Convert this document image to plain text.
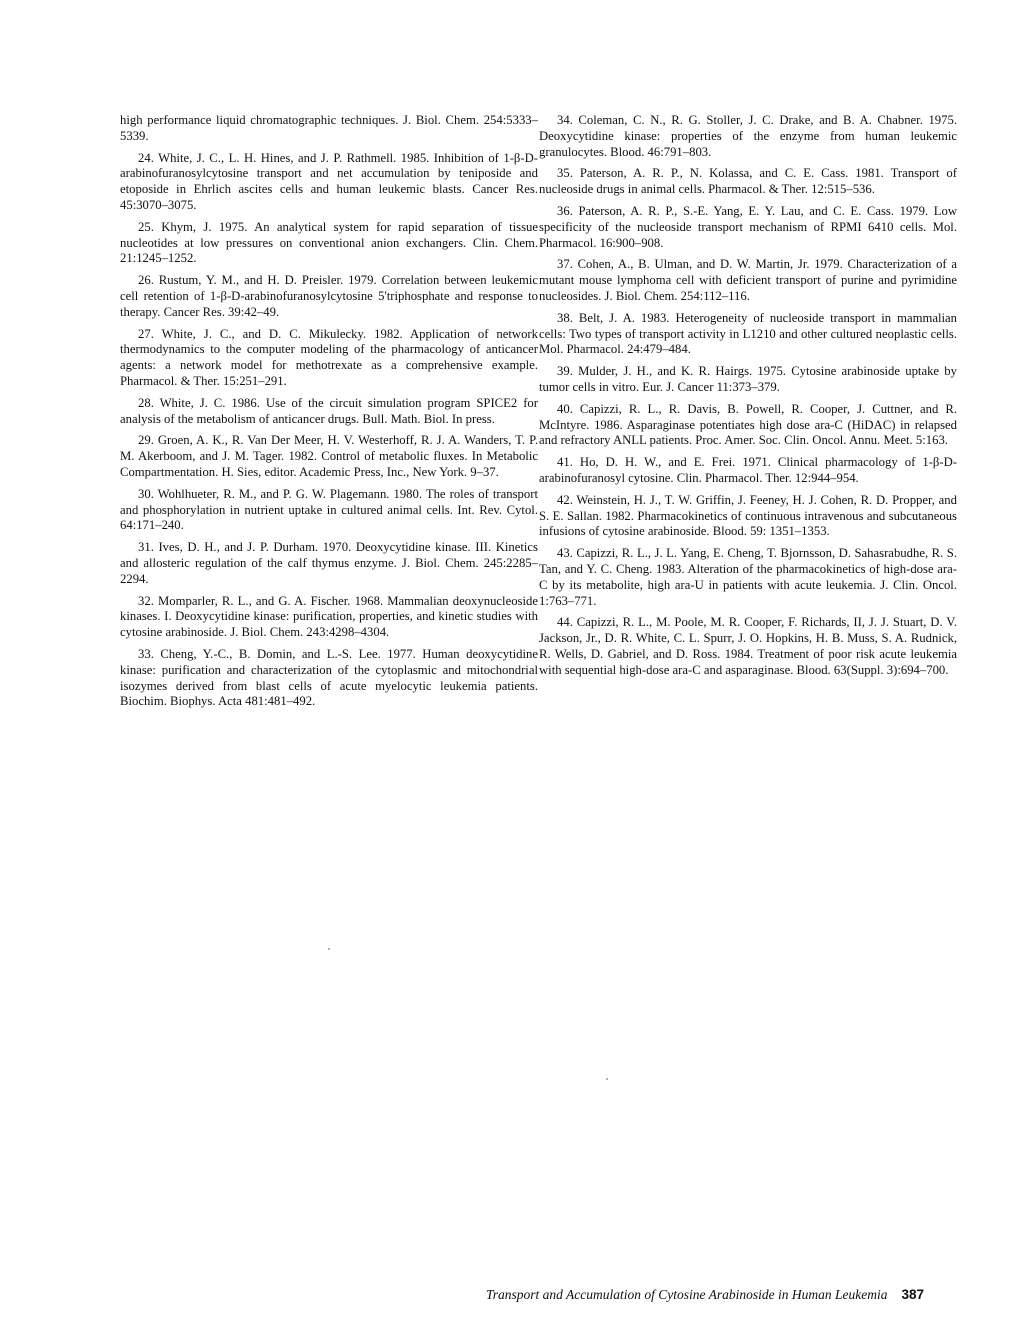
high performance liquid chromatographic techniques. J. Biol. Chem. 254:5333–5339.

24. White, J. C., L. H. Hines, and J. P. Rathmell. 1985. Inhibition of 1-β-D-arabinofuranosylcytosine transport and net accumulation by teniposide and etoposide in Ehrlich ascites cells and human leukemic blasts. Cancer Res. 45:3070–3075.

25. Khym, J. 1975. An analytical system for rapid separation of tissue nucleotides at low pressures on conventional anion exchangers. Clin. Chem. 21:1245–1252.

26. Rustum, Y. M., and H. D. Preisler. 1979. Correlation between leukemic cell retention of 1-β-D-arabinofuranosylcytosine 5'triphosphate and response to therapy. Cancer Res. 39:42–49.

27. White, J. C., and D. C. Mikulecky. 1982. Application of network thermodynamics to the computer modeling of the pharmacology of anticancer agents: a network model for methotrexate as a comprehensive example. Pharmacol. & Ther. 15:251–291.

28. White, J. C. 1986. Use of the circuit simulation program SPICE2 for analysis of the metabolism of anticancer drugs. Bull. Math. Biol. In press.

29. Groen, A. K., R. Van Der Meer, H. V. Westerhoff, R. J. A. Wanders, T. P. M. Akerboom, and J. M. Tager. 1982. Control of metabolic fluxes. In Metabolic Compartmentation. H. Sies, editor. Academic Press, Inc., New York. 9–37.

30. Wohlhueter, R. M., and P. G. W. Plagemann. 1980. The roles of transport and phosphorylation in nutrient uptake in cultured animal cells. Int. Rev. Cytol. 64:171–240.

31. Ives, D. H., and J. P. Durham. 1970. Deoxycytidine kinase. III. Kinetics and allosteric regulation of the calf thymus enzyme. J. Biol. Chem. 245:2285–2294.

32. Momparler, R. L., and G. A. Fischer. 1968. Mammalian deoxynucleoside kinases. I. Deoxycytidine kinase: purification, properties, and kinetic studies with cytosine arabinoside. J. Biol. Chem. 243:4298–4304.

33. Cheng, Y.-C., B. Domin, and L.-S. Lee. 1977. Human deoxycytidine kinase: purification and characterization of the cytoplasmic and mitochondrial isozymes derived from blast cells of acute myelocytic leukemia patients. Biochim. Biophys. Acta 481:481–492.

34. Coleman, C. N., R. G. Stoller, J. C. Drake, and B. A. Chabner. 1975. Deoxycytidine kinase: properties of the enzyme from human leukemic granulocytes. Blood. 46:791–803.

35. Paterson, A. R. P., N. Kolassa, and C. E. Cass. 1981. Transport of nucleoside drugs in animal cells. Pharmacol. & Ther. 12:515–536.

36. Paterson, A. R. P., S.-E. Yang, E. Y. Lau, and C. E. Cass. 1979. Low specificity of the nucleoside transport mechanism of RPMI 6410 cells. Mol. Pharmacol. 16:900–908.

37. Cohen, A., B. Ulman, and D. W. Martin, Jr. 1979. Characterization of a mutant mouse lymphoma cell with deficient transport of purine and pyrimidine nucleosides. J. Biol. Chem. 254:112–116.

38. Belt, J. A. 1983. Heterogeneity of nucleoside transport in mammalian cells: Two types of transport activity in L1210 and other cultured neoplastic cells. Mol. Pharmacol. 24:479–484.

39. Mulder, J. H., and K. R. Hairgs. 1975. Cytosine arabinoside uptake by tumor cells in vitro. Eur. J. Cancer 11:373–379.

40. Capizzi, R. L., R. Davis, B. Powell, R. Cooper, J. Cuttner, and R. McIntyre. 1986. Asparaginase potentiates high dose ara-C (HiDAC) in relapsed and refractory ANLL patients. Proc. Amer. Soc. Clin. Oncol. Annu. Meet. 5:163.

41. Ho, D. H. W., and E. Frei. 1971. Clinical pharmacology of 1-β-D-arabinofuranosyl cytosine. Clin. Pharmacol. Ther. 12:944–954.

42. Weinstein, H. J., T. W. Griffin, J. Feeney, H. J. Cohen, R. D. Propper, and S. E. Sallan. 1982. Pharmacokinetics of continuous intravenous and subcutaneous infusions of cytosine arabinoside. Blood. 59: 1351–1353.

43. Capizzi, R. L., J. L. Yang, E. Cheng, T. Bjornsson, D. Sahasrabudhe, R. S. Tan, and Y. C. Cheng. 1983. Alteration of the pharmacokinetics of high-dose ara-C by its metabolite, high ara-U in patients with acute leukemia. J. Clin. Oncol. 1:763–771.

44. Capizzi, R. L., M. Poole, M. R. Cooper, F. Richards, II, J. J. Stuart, D. V. Jackson, Jr., D. R. White, C. L. Spurr, J. O. Hopkins, H. B. Muss, S. A. Rudnick, R. Wells, D. Gabriel, and D. Ross. 1984. Treatment of poor risk acute leukemia with sequential high-dose ara-C and asparaginase. Blood. 63(Suppl. 3):694–700.

Transport and Accumulation of Cytosine Arabinoside in Human Leukemia 387
